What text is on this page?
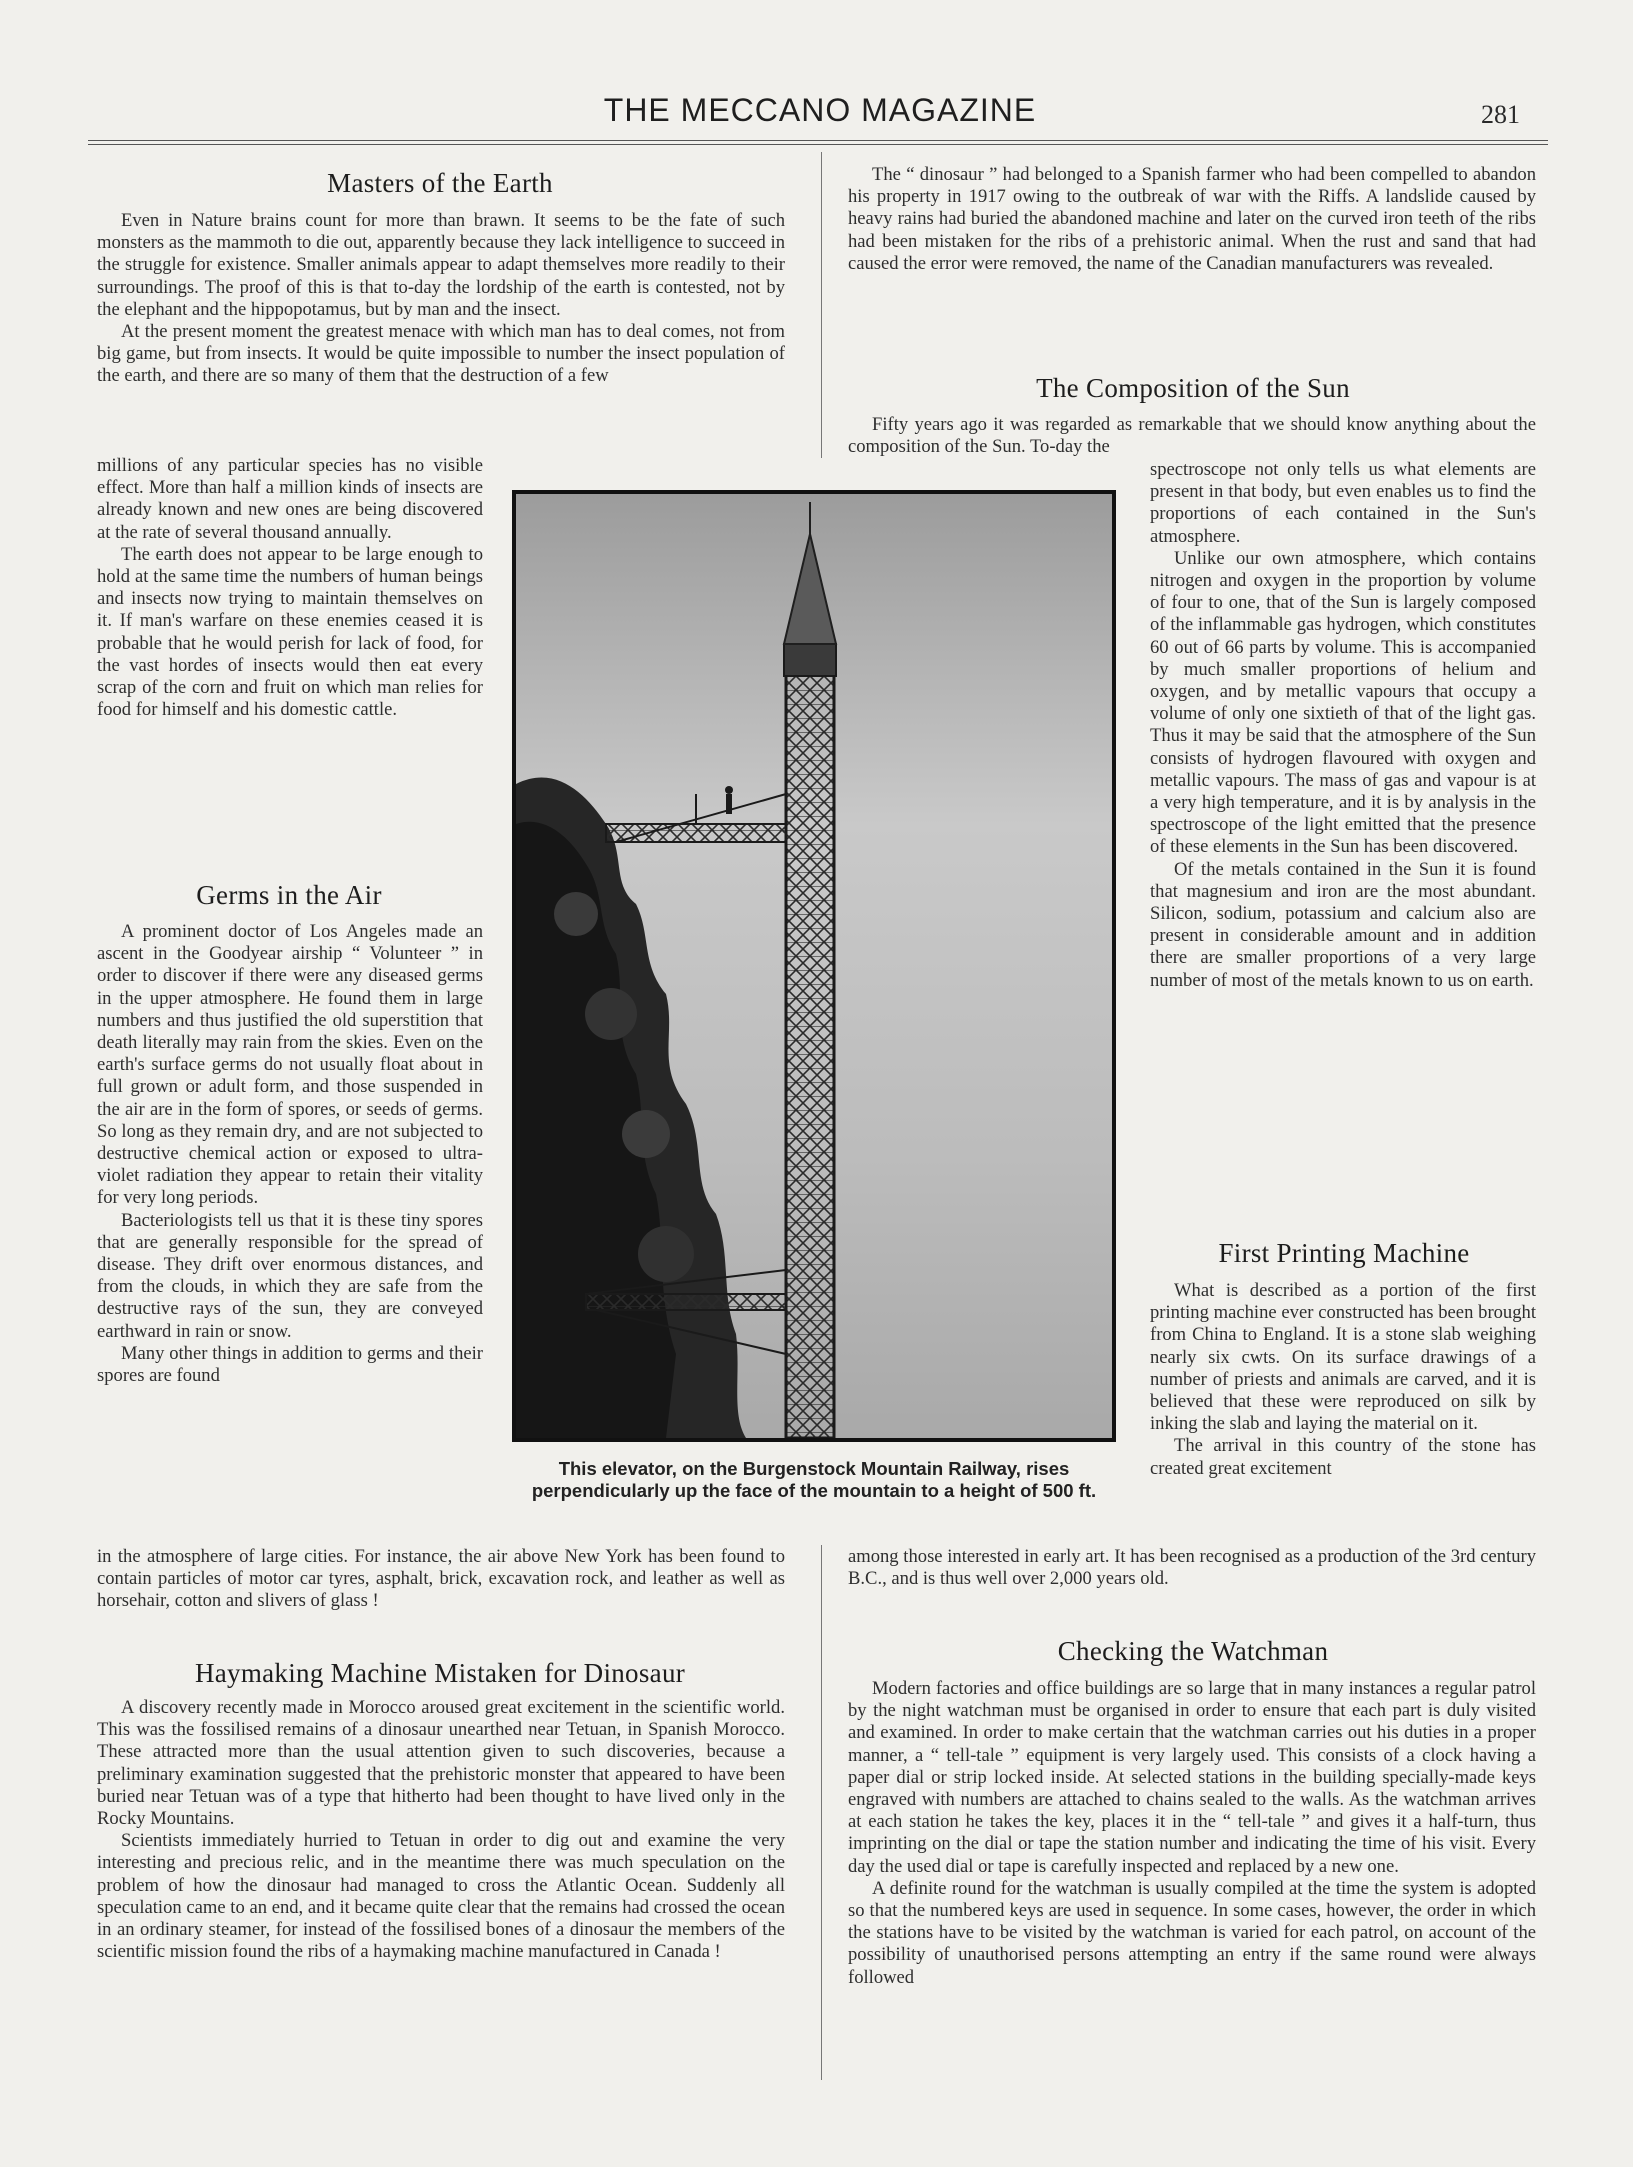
THE MECCANO MAGAZINE	281
Masters of the Earth

Even in Nature brains count for more than brawn. It seems to be the fate of such monsters as the mammoth to die out, apparently because they lack intelligence to succeed in the struggle for existence. Smaller animals appear to adapt themselves more readily to their surroundings. The proof of this is that to-day the lordship of the earth is contested, not by the elephant and the hippopotamus, but by man and the insect.

At the present moment the greatest menace with which man has to deal comes, not from big game, but from insects. It would be quite impossible to number the insect population of the earth, and there are so many of them that the destruction of a few

millions of any particular species has no visible effect. More than half a million kinds of insects are already known and new ones are being discovered at the rate of several thousand annually.

The earth does not appear to be large enough to hold at the same time the numbers of human beings and insects now trying to maintain themselves on it. If man's warfare on these enemies ceased it is probable that he would perish for lack of food, for the vast hordes of insects would then eat every scrap of the corn and fruit on which man relies for food for himself and his domestic cattle.

Germs in the Air

A prominent doctor of Los Angeles made an ascent in the Goodyear airship “ Volunteer ” in order to discover if there were any diseased germs in the upper atmosphere. He found them in large numbers and thus justified the old superstition that death literally may rain from the skies. Even on the earth's surface germs do not usually float about in full grown or adult form, and those suspended in the air are in the form of spores, or seeds of germs. So long as they remain dry, and are not subjected to destructive chemical action or exposed to ultra-violet radiation they appear to retain their vitality for very long periods.

Bacteriologists tell us that it is these tiny spores that are generally responsible for the spread of disease. They drift over enormous distances, and from the clouds, in which they are safe from the destructive rays of the sun, they are conveyed earthward in rain or snow.

Many other things in addition to germs and their spores are found

in the atmosphere of large cities. For instance, the air above New York has been found to contain particles of motor car tyres, asphalt, brick, excavation rock, and leather as well as horsehair, cotton and slivers of glass !

Haymaking Machine Mistaken for Dinosaur

A discovery recently made in Morocco aroused great excitement in the scientific world. This was the fossilised remains of a dinosaur unearthed near Tetuan, in Spanish Morocco. These attracted more than the usual attention given to such discoveries, because a preliminary examination suggested that the prehistoric monster that appeared to have been buried near Tetuan was of a type that hitherto had been thought to have lived only in the Rocky Mountains.

Scientists immediately hurried to Tetuan in order to dig out and examine the very interesting and precious relic, and in the meantime there was much speculation on the problem of how the dinosaur had managed to cross the Atlantic Ocean. Suddenly all speculation came to an end, and it became quite clear that the remains had crossed the ocean in an ordinary steamer, for instead of the fossilised bones of a dinosaur the members of the scientific mission found the ribs of a haymaking machine manufactured in Canada !

The “ dinosaur ” had belonged to a Spanish farmer who had been compelled to abandon his property in 1917 owing to the outbreak of war with the Riffs. A landslide caused by heavy rains had buried the abandoned machine and later on the curved iron teeth of the ribs had been mistaken for the ribs of a prehistoric animal. When the rust and sand that had caused the error were removed, the name of the Canadian manufacturers was revealed.

The Composition of the Sun

Fifty years ago it was regarded as remarkable that we should know anything about the composition of the Sun. To-day the

spectroscope not only tells us what elements are present in that body, but even enables us to find the proportions of each contained in the Sun's atmosphere.

Unlike our own atmosphere, which contains nitrogen and oxygen in the proportion by volume of four to one, that of the Sun is largely composed of the inflammable gas hydrogen, which constitutes 60 out of 66 parts by volume. This is accompanied by much smaller proportions of helium and oxygen, and by metallic vapours that occupy a volume of only one sixtieth of that of the light gas. Thus it may be said that the atmosphere of the Sun consists of hydrogen flavoured with oxygen and metallic vapours. The mass of gas and vapour is at a very high temperature, and it is by analysis in the spectroscope of the light emitted that the presence of these elements in the Sun has been discovered.

Of the metals contained in the Sun it is found that magnesium and iron are the most abundant. Silicon, sodium, potassium and calcium also are present in considerable amount and in addition there are smaller proportions of a very large number of most of the metals known to us on earth.

First Printing Machine

What is described as a portion of the first printing machine ever constructed has been brought from China to England. It is a stone slab weighing nearly six cwts. On its surface drawings of a number of priests and animals are carved, and it is believed that these were reproduced on silk by inking the slab and laying the material on it.

The arrival in this country of the stone has created great excitement

among those interested in early art. It has been recognised as a production of the 3rd century B.C., and is thus well over 2,000 years old.

Checking the Watchman

Modern factories and office buildings are so large that in many instances a regular patrol by the night watchman must be organised in order to ensure that each part is duly visited and examined. In order to make certain that the watchman carries out his duties in a proper manner, a “ tell-tale ” equipment is very largely used. This consists of a clock having a paper dial or strip locked inside. At selected stations in the building specially-made keys engraved with numbers are attached to chains sealed to the walls. As the watchman arrives at each station he takes the key, places it in the “ tell-tale ” and gives it a half-turn, thus imprinting on the dial or tape the station number and indicating the time of his visit. Every day the used dial or tape is carefully inspected and replaced by a new one.

A definite round for the watchman is usually compiled at the time the system is adopted so that the numbered keys are used in sequence. In some cases, however, the order in which the stations have to be visited by the watchman is varied for each patrol, on account of the possibility of unauthorised persons attempting an entry if the same round were always followed

This elevator, on the Burgenstock Mountain Railway, rises perpendicularly up the face of the mountain to a height of 500 ft.
